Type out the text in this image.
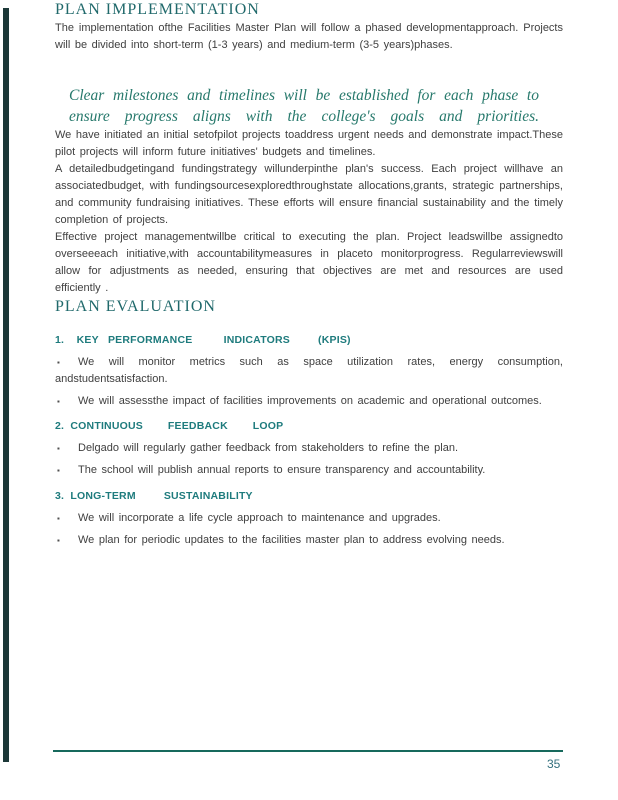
PLAN IMPLEMENTATION

The implementation ofthe Facilities Master Plan will follow a phased developmentapproach. Projects will be divided into short-term (1-3 years) and medium-term (3-5 years)phases.

Clear milestones and timelines will be established for each phase to ensure progress aligns with the college's goals and priorities.

We have initiated an initial setofpilot projects toaddress urgent needs and demonstrate impact.These pilot projects will inform future initiatives' budgets and timelines.

A detailedbudgetingand fundingstrategy willunderpinthe plan's success. Each project willhave an associatedbudget, with fundingsourcesexploredthroughstate allocations,grants, strategic partnerships, and community fundraising initiatives. These efforts will ensure financial sustainability and the timely completion of projects.

Effective project managementwillbe critical to executing the plan. Project leadswillbe assignedto overseeeach initiative,with accountabilitymeasures in placeto monitorprogress. Regularreviewswill allow for adjustments as needed, ensuring that objectives are met and resources are used efficiently .

PLAN EVALUATION
1.    KEY   PERFORMANCE          INDICATORS         (KPIS)
▪ We will monitor metrics such as space utilization rates, energy consumption, andstudentsatisfaction.
▪ We will assessthe impact of facilities improvements on academic and operational outcomes.
2.  CONTINUOUS        FEEDBACK        LOOP
▪ Delgado will regularly gather feedback from stakeholders to refine the plan.
▪ The school will publish annual reports to ensure transparency and accountability.
3.  LONG-TERM         SUSTAINABILITY
▪ We will incorporate a life cycle approach to maintenance and upgrades.
▪ We plan for periodic updates to the facilities master plan to address evolving needs.
35
